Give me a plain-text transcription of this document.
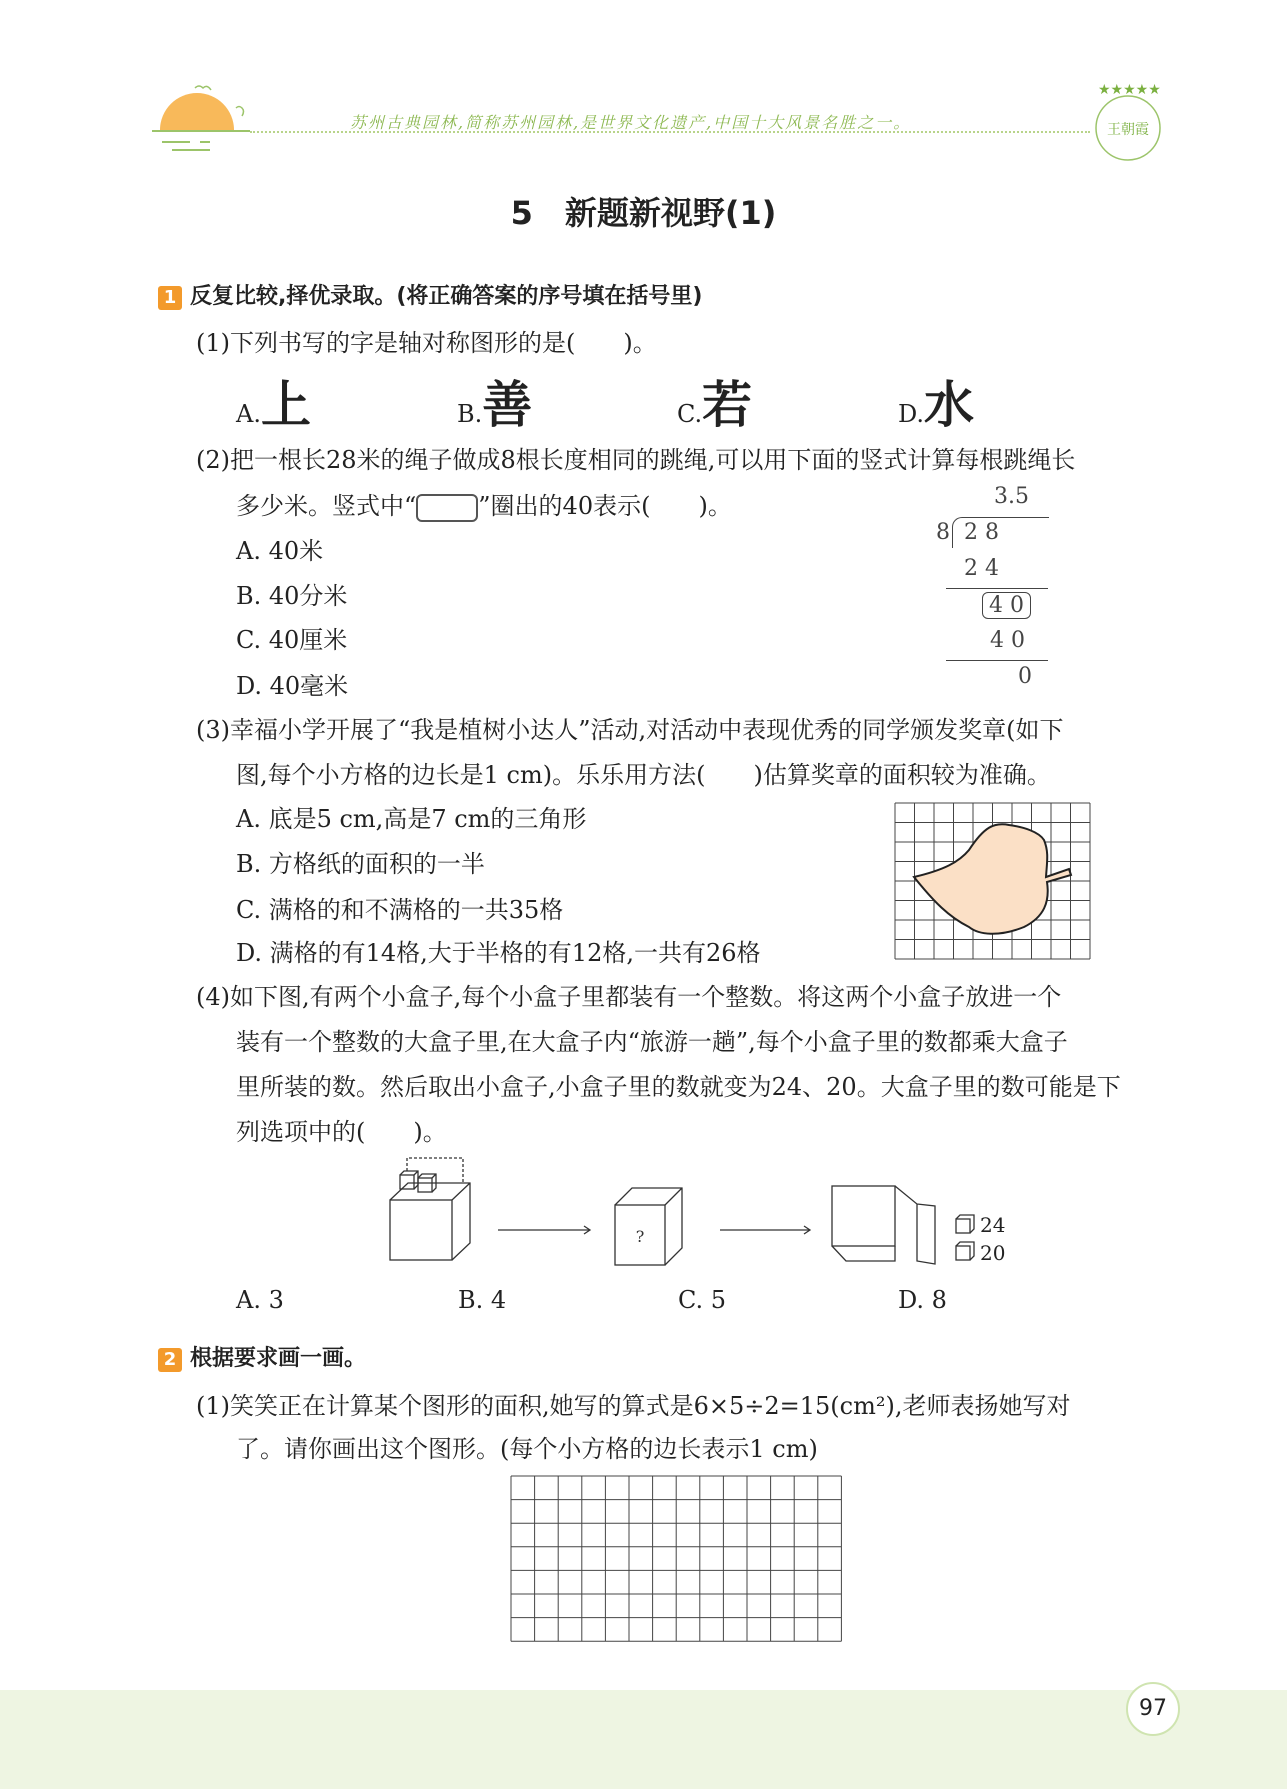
苏州古典园林,简称苏州园林,是世界文化遗产,中国十大风景名胜之一。
★★★★★
王朝霞
5　新题新视野(1)
1 反复比较,择优录取。(将正确答案的序号填在括号里)
(1)下列书写的字是轴对称图形的是(　　)。
A.上	B.善	C.若	D.水
(2)把一根长28米的绳子做成8根长度相同的跳绳,可以用下面的竖式计算每根跳绳长
多少米。竖式中“	”圈出的40表示(　　)。
A. 40米
B. 40分米
C. 40厘米
D. 40毫米
3.5
8 2 8
2 4
4 0
4 0
0
(3)幸福小学开展了“我是植树小达人”活动,对活动中表现优秀的同学颁发奖章(如下
图,每个小方格的边长是1 cm)。乐乐用方法(　　)估算奖章的面积较为准确。
A. 底是5 cm,高是7 cm的三角形
B. 方格纸的面积的一半
C. 满格的和不满格的一共35格
D. 满格的有14格,大于半格的有12格,一共有26格
(4)如下图,有两个小盒子,每个小盒子里都装有一个整数。将这两个小盒子放进一个
装有一个整数的大盒子里,在大盒子内“旅游一趟”,每个小盒子里的数都乘大盒子
里所装的数。然后取出小盒子,小盒子里的数就变为24、20。大盒子里的数可能是下
列选项中的(　　)。
?	24
20
A. 3	B. 4	C. 5	D. 8
2 根据要求画一画。
(1)笑笑正在计算某个图形的面积,她写的算式是6×5÷2=15(cm²),老师表扬她写对
了。请你画出这个图形。(每个小方格的边长表示1 cm)
97
